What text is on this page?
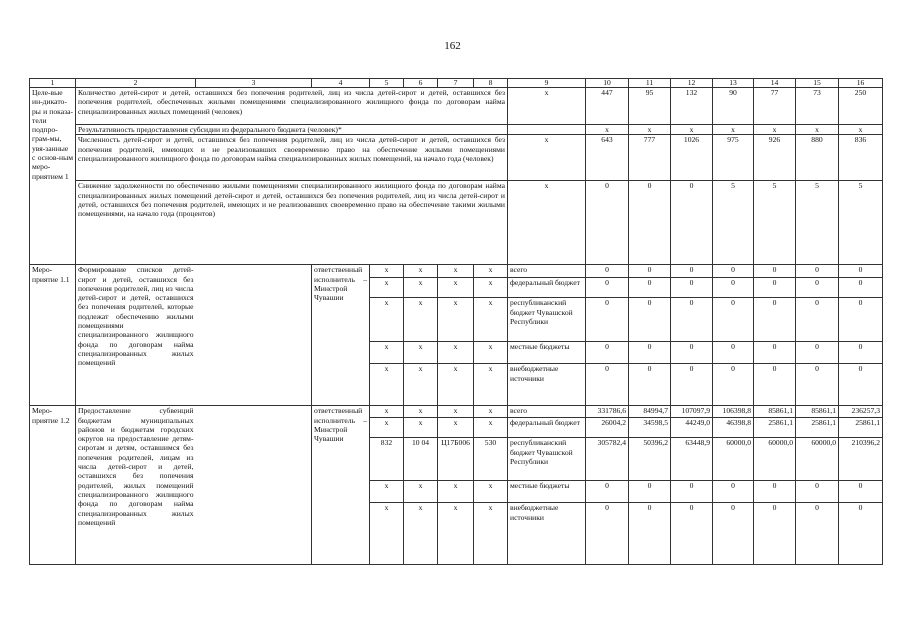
162
1	2	3	4	5	6	7	8	9	10	11	12	13	14	15	16
Целе-вые ин-дикато-ры и показа-тели подпро-грам-мы, увя-занные с основ-ным меро-приятием 1	Количество детей-сирот и детей, оставшихся без попечения родителей, лиц из числа детей-сирот и детей, оставшихся без попечения родителей, обеспеченных жилыми помещениями специализированного жилищного фонда по договорам найма специализированных жилых помещений (человек)							x	447	95	132	90	77	73	250
	Результативность предоставления субсидии из федерального бюджета (человек)*								x	x	x	x	x	x	x
	Численность детей-сирот и детей, оставшихся без попечения родителей, лиц из числа детей-сирот и детей, оставшихся без попечения родителей, имеющих и не реализовавших своевременно право на обеспечение жилыми помещениями специализированного жилищного фонда по договорам найма специализированных жилых помещений, на начало года (человек)							x	643	777	1026	975	926	880	836
	Снижение задолженности по обеспечению жилыми помещениями специализированного жилищного фонда по договорам найма специализированных жилых помещений детей-сирот и детей, оставшихся без попечения родителей, лиц из числа детей-сирот и детей, оставшихся без попечения родителей, имеющих и не реализовавших своевременно право на обеспечение такими жилыми помещениями, на начало года (процентов)							x	0	0	0	5	5	5	5
Меро-приятие 1.1	Формирование списков детей-сирот и детей, оставшихся без попечения родителей, лиц из числа детей-сирот и детей, оставшихся без попечения родителей, которые подлежат обеспечению жилыми помещениями специализированного жилищного фонда по договорам найма специализированных жилых помещений		ответственный исполнитель – Минстрой Чувашии	x	x	x	x	всего	0	0	0	0	0	0	0
				x	x	x	x	федеральный бюджет	0	0	0	0	0	0	0
				x	x	x	x	республиканский бюджет Чувашской Республики	0	0	0	0	0	0	0
				x	x	x	x	местные бюджеты	0	0	0	0	0	0	0
				x	x	x	x	внебюджетные источники	0	0	0	0	0	0	0
Меро-приятие 1.2	Предоставление субвенций бюджетам муниципальных районов и бюджетам городских округов на предоставление детям-сиротам и детям, оставшимся без попечения родителей, лицам из числа детей-сирот и детей, оставшихся без попечения родителей, жилых помещений специализированного жилищного фонда по договорам найма специализированных жилых помещений		ответственный исполнитель – Минстрой Чувашии	x	x	x	x	всего	331786,6	84994,7	107097,9	106398,8	85861,1	85861,1	236257,3
				x	x	x	x	федеральный бюджет	26004,2	34598,5	44249,0	46398,8	25861,1	25861,1	25861,1
				832	10 04	Ц17Б006	530	республиканский бюджет Чувашской Республики	305782,4	50396,2	63448,9	60000,0	60000,0	60000,0	210396,2
				x	x	x	x	местные бюджеты	0	0	0	0	0	0	0
				x	x	x	x	внебюджетные источники	0	0	0	0	0	0	0
